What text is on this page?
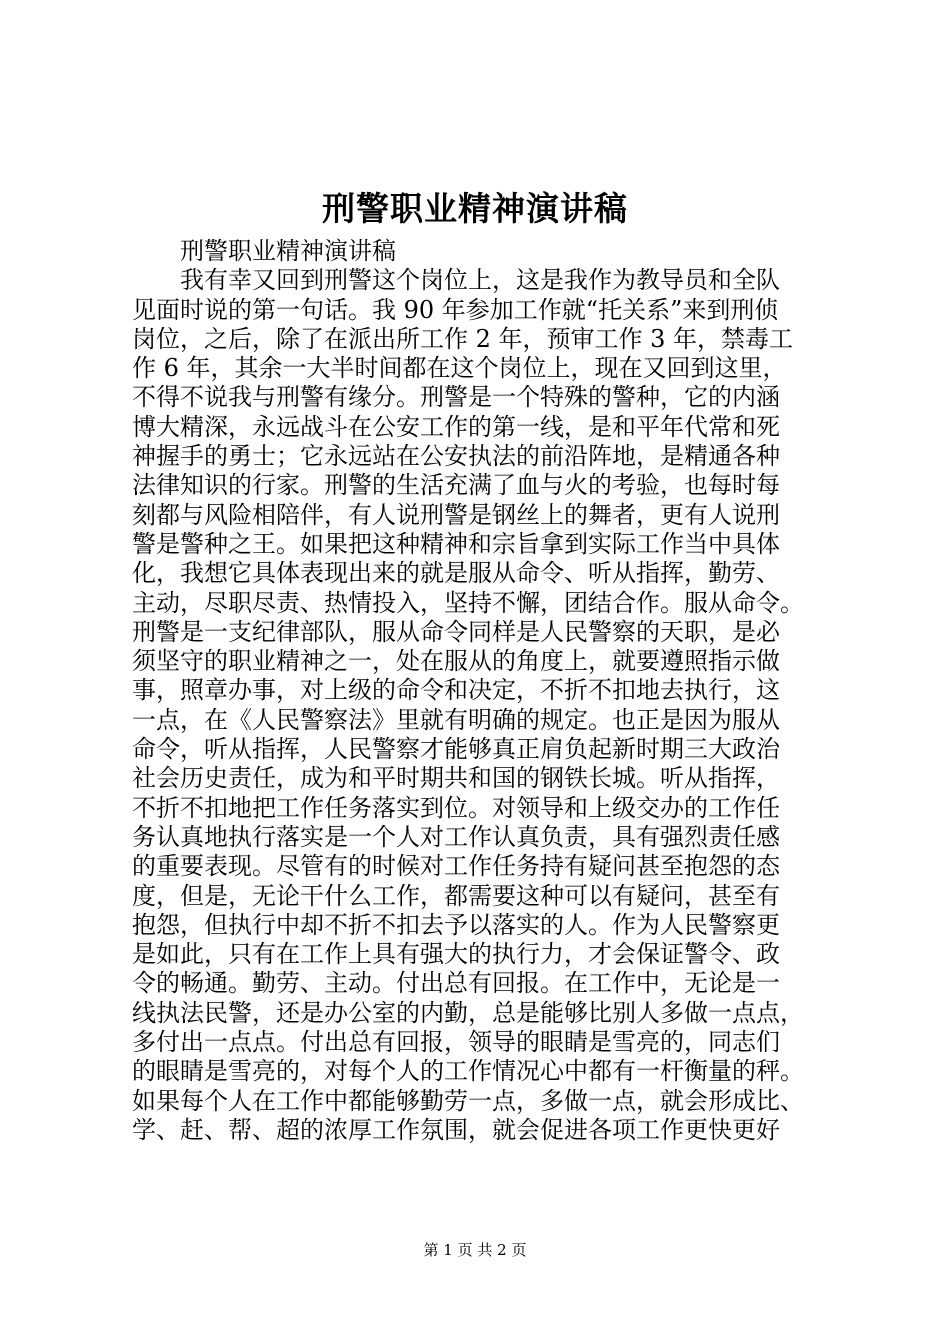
刑警职业精神演讲稿
刑警职业精神演讲稿
我有幸又回到刑警这个岗位上，这是我作为教导员和全队
见面时说的第一句话。我 90 年参加工作就“托关系”来到刑侦
岗位，之后，除了在派出所工作 2 年，预审工作 3 年，禁毒工
作 6 年，其余一大半时间都在这个岗位上，现在又回到这里，
不得不说我与刑警有缘分。刑警是一个特殊的警种，它的内涵
博大精深，永远战斗在公安工作的第一线，是和平年代常和死
神握手的勇士；它永远站在公安执法的前沿阵地，是精通各种
法律知识的行家。刑警的生活充满了血与火的考验，也每时每
刻都与风险相陪伴，有人说刑警是钢丝上的舞者，更有人说刑
警是警种之王。如果把这种精神和宗旨拿到实际工作当中具体
化，我想它具体表现出来的就是服从命令、听从指挥，勤劳、
主动，尽职尽责、热情投入，坚持不懈，团结合作。服从命令。
刑警是一支纪律部队，服从命令同样是人民警察的天职，是必
须坚守的职业精神之一，处在服从的角度上，就要遵照指示做
事，照章办事，对上级的命令和决定，不折不扣地去执行，这
一点，在《人民警察法》里就有明确的规定。也正是因为服从
命令，听从指挥，人民警察才能够真正肩负起新时期三大政治
社会历史责任，成为和平时期共和国的钢铁长城。听从指挥，
不折不扣地把工作任务落实到位。对领导和上级交办的工作任
务认真地执行落实是一个人对工作认真负责，具有强烈责任感
的重要表现。尽管有的时候对工作任务持有疑问甚至抱怨的态
度，但是，无论干什么工作，都需要这种可以有疑问，甚至有
抱怨，但执行中却不折不扣去予以落实的人。作为人民警察更
是如此，只有在工作上具有强大的执行力，才会保证警令、政
令的畅通。勤劳、主动。付出总有回报。在工作中，无论是一
线执法民警，还是办公室的内勤，总是能够比别人多做一点点，
多付出一点点。付出总有回报，领导的眼睛是雪亮的，同志们
的眼睛是雪亮的，对每个人的工作情况心中都有一杆衡量的秤。
如果每个人在工作中都能够勤劳一点，多做一点，就会形成比、
学、赶、帮、超的浓厚工作氛围，就会促进各项工作更快更好
第 1 页 共 2 页
